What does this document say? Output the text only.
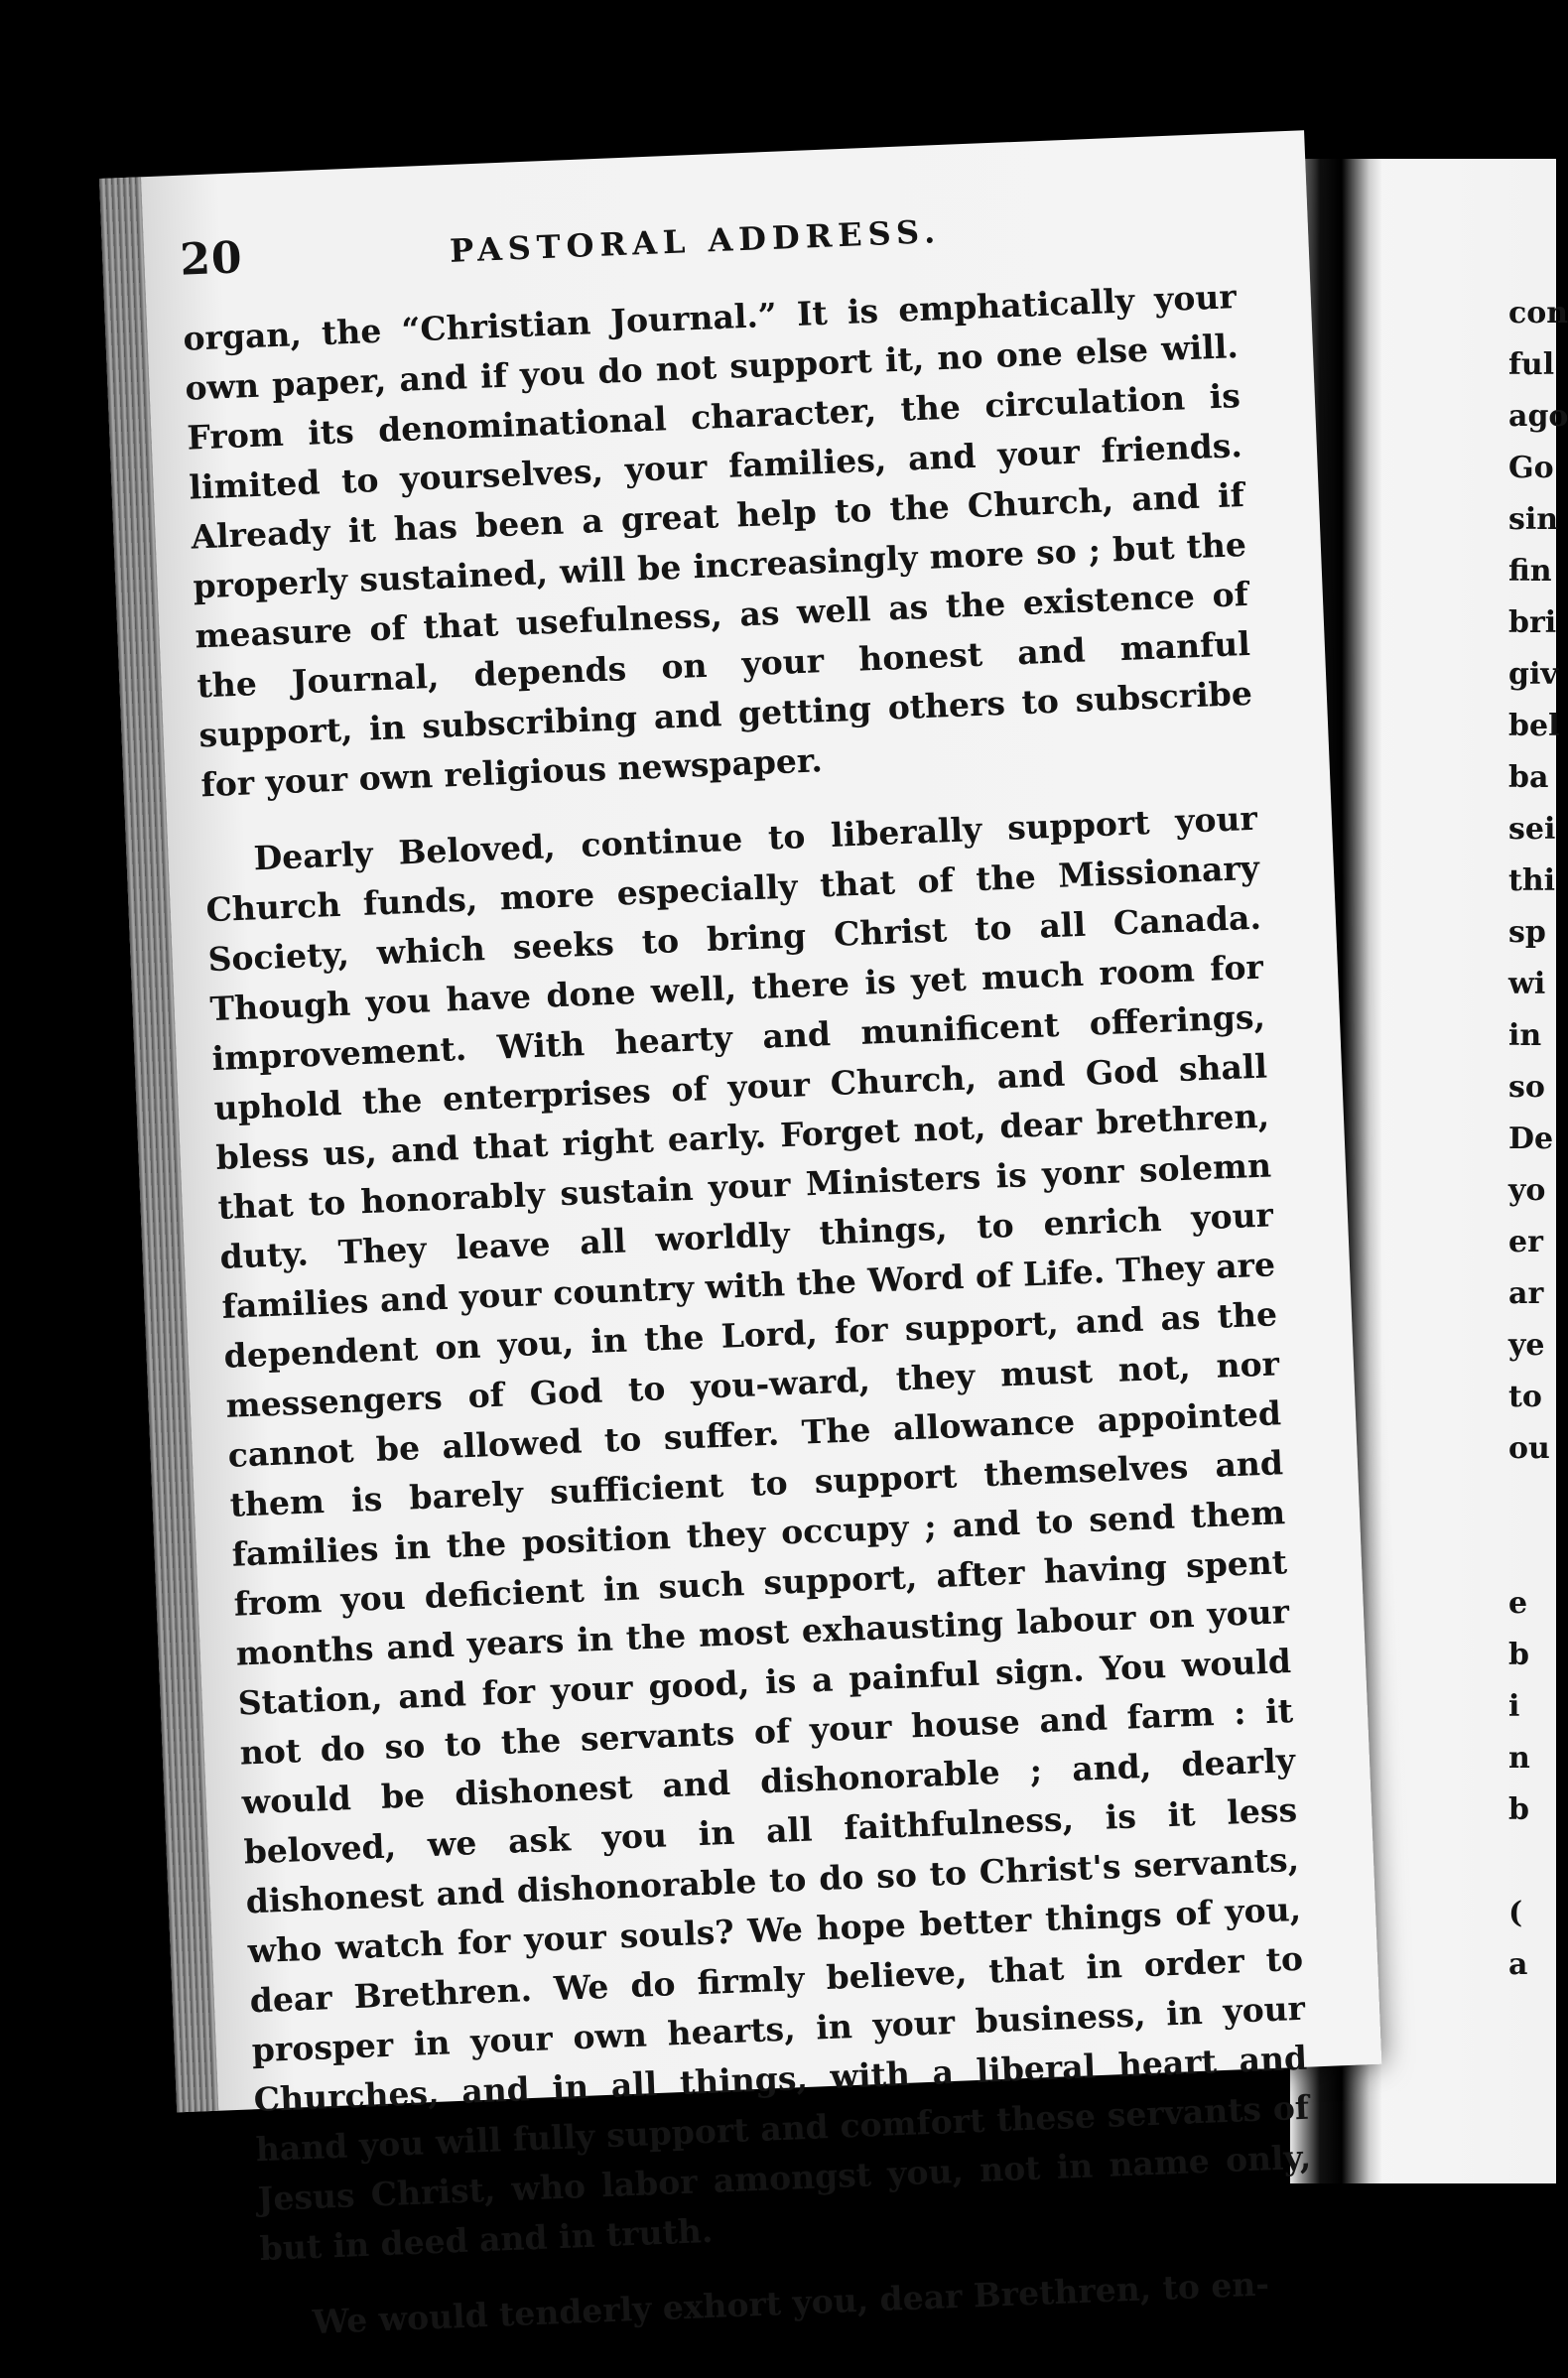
con
ful
ago
Go
sin
fin
bri
giv
bel
ba
sei
thi
sp
wi
in
so
De
yo
er
ar
ye
to
ou
e
b
i
n
b
(
a
20	PASTORAL ADDRESS.

organ, the “Christian Journal.” It is emphatically your own paper, and if you do not support it, no one else will. From its denominational character, the circulation is limited to yourselves, your families, and your friends. Already it has been a great help to the Church, and if properly sustained, will be increasingly more so ; but the measure of that usefulness, as well as the existence of the Journal, depends on your honest and manful support, in subscribing and getting others to subscribe for your own religious newspaper.

Dearly Beloved, continue to liberally support your Church funds, more especially that of the Missionary Society, which seeks to bring Christ to all Canada. Though you have done well, there is yet much room for improvement. With hearty and munificent offerings, uphold the enterprises of your Church, and God shall bless us, and that right early. Forget not, dear brethren, that to honorably sustain your Ministers is yonr solemn duty. They leave all worldly things, to enrich your families and your country with the Word of Life. They are dependent on you, in the Lord, for support, and as the messengers of God to you-ward, they must not, nor cannot be allowed to suffer. The allowance appointed them is barely sufficient to support themselves and families in the position they occupy ; and to send them from you deficient in such support, after having spent months and years in the most exhausting labour on your Station, and for your good, is a painful sign. You would not do so to the servants of your house and farm : it would be dishonest and dishonorable ; and, dearly beloved, we ask you in all faithfulness, is it less dishonest and dishonorable to do so to Christ's servants, who watch for your souls? We hope better things of you, dear Brethren. We do firmly believe, that in order to prosper in your own hearts, in your business, in your Churches, and in all things, with a liberal heart and hand you will fully support and comfort these servants of Jesus Christ, who labor amongst you, not in name only, but in deed and in truth.

We would tenderly exhort you, dear Brethren, to en-
